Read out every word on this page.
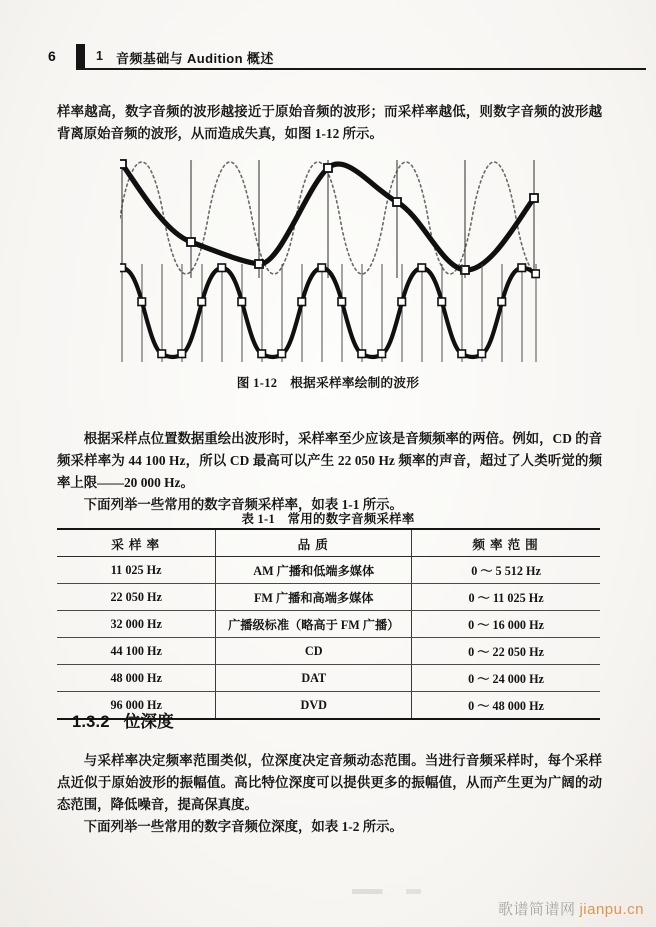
6	1 音频基础与 Audition 概述

样率越高，数字音频的波形越接近于原始音频的波形；而采样率越低，则数字音频的波形越背离原始音频的波形，从而造成失真，如图 1-12 所示。

图 1-12　根据采样率绘制的波形

根据采样点位置数据重绘出波形时，采样率至少应该是音频频率的两倍。例如，CD 的音频采样率为 44 100 Hz，所以 CD 最高可以产生 22 050 Hz 频率的声音，超过了人类听觉的频率上限——20 000 Hz。

下面列举一些常用的数字音频采样率，如表 1-1 所示。

表 1-1　常用的数字音频采样率
采样率	品质	频率范围
11 025 Hz	AM 广播和低端多媒体	0 ～ 5 512 Hz
22 050 Hz	FM 广播和高端多媒体	0 ～ 11 025 Hz
32 000 Hz	广播级标准（略高于 FM 广播）	0 ～ 16 000 Hz
44 100 Hz	CD	0 ～ 22 050 Hz
48 000 Hz	DAT	0 ～ 24 000 Hz
96 000 Hz	DVD	0 ～ 48 000 Hz
1.3.2 位深度

与采样率决定频率范围类似，位深度决定音频动态范围。当进行音频采样时，每个采样点近似于原始波形的振幅值。高比特位深度可以提供更多的振幅值，从而产生更为广阔的动态范围，降低噪音，提高保真度。

下面列举一些常用的数字音频位深度，如表 1-2 所示。

歌谱简谱网 jianpu.cn
